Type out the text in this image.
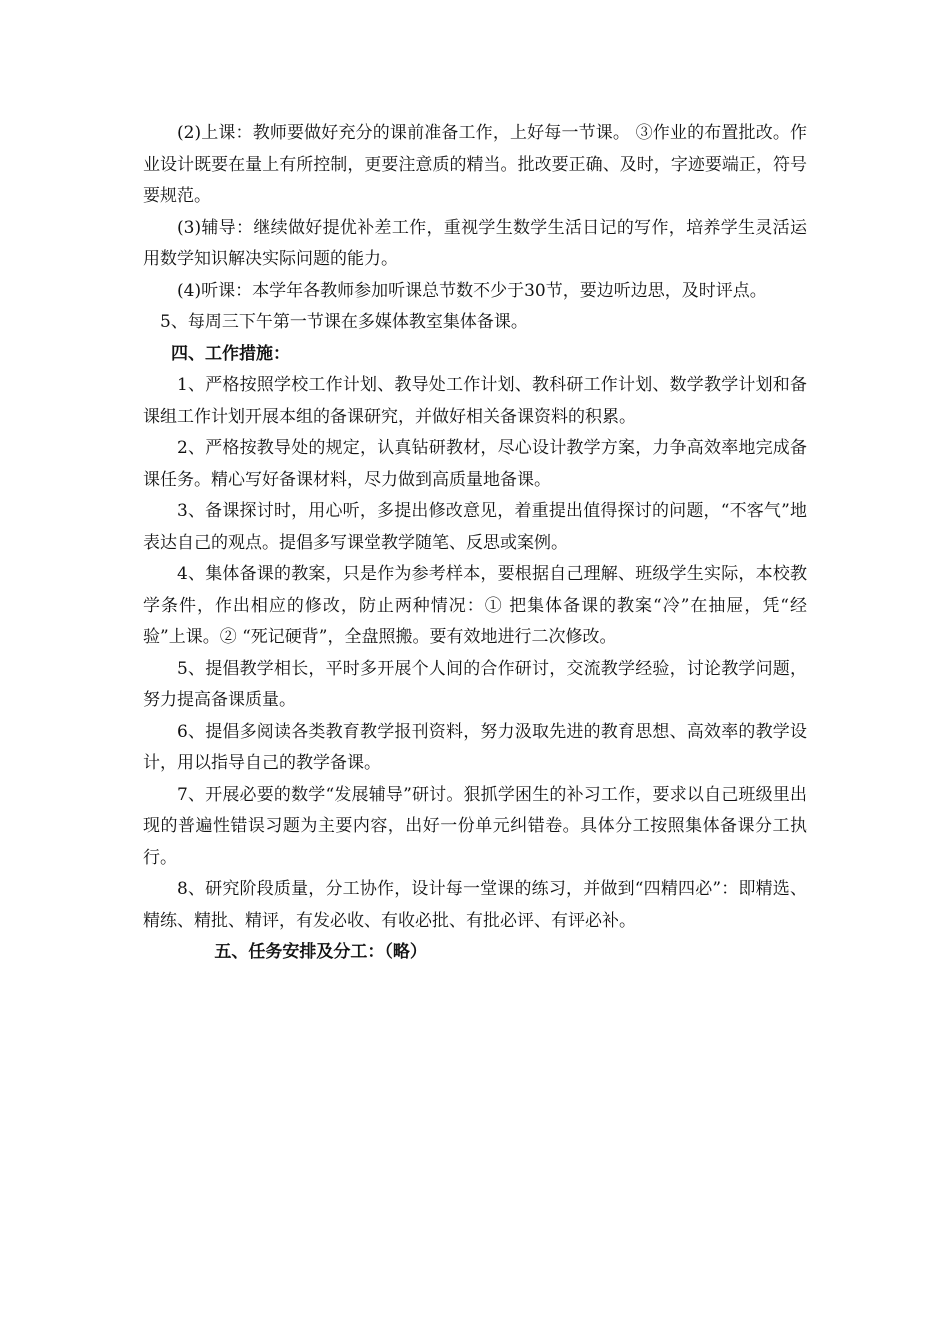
(2)上课：教师要做好充分的课前准备工作，上好每一节课。 ③作业的布置批改。作业设计既要在量上有所控制，更要注意质的精当。批改要正确、及时，字迹要端正，符号要规范。

(3)辅导：继续做好提优补差工作，重视学生数学生活日记的写作，培养学生灵活运用数学知识解决实际问题的能力。

(4)听课：本学年各教师参加听课总节数不少于30节，要边听边思，及时评点。

5、每周三下午第一节课在多媒体教室集体备课。

四、工作措施：

1、严格按照学校工作计划、教导处工作计划、教科研工作计划、数学教学计划和备课组工作计划开展本组的备课研究，并做好相关备课资料的积累。

2、严格按教导处的规定，认真钻研教材，尽心设计教学方案，力争高效率地完成备课任务。精心写好备课材料，尽力做到高质量地备课。

3、备课探讨时，用心听，多提出修改意见，着重提出值得探讨的问题，“不客气”地表达自己的观点。提倡多写课堂教学随笔、反思或案例。

4、集体备课的教案，只是作为参考样本，要根据自己理解、班级学生实际，本校教学条件，作出相应的修改，防止两种情况：① 把集体备课的教案“冷”在抽屉，凭“经验”上课。② “死记硬背”，全盘照搬。要有效地进行二次修改。

5、提倡教学相长，平时多开展个人间的合作研讨，交流教学经验，讨论教学问题，努力提高备课质量。

6、提倡多阅读各类教育教学报刊资料，努力汲取先进的教育思想、高效率的教学设计，用以指导自己的教学备课。

7、开展必要的数学“发展辅导”研讨。狠抓学困生的补习工作，要求以自己班级里出现的普遍性错误习题为主要内容，出好一份单元纠错卷。具体分工按照集体备课分工执行。

8、研究阶段质量，分工协作，设计每一堂课的练习，并做到“四精四必”：即精选、精练、精批、精评，有发必收、有收必批、有批必评、有评必补。

五、任务安排及分工：（略）
